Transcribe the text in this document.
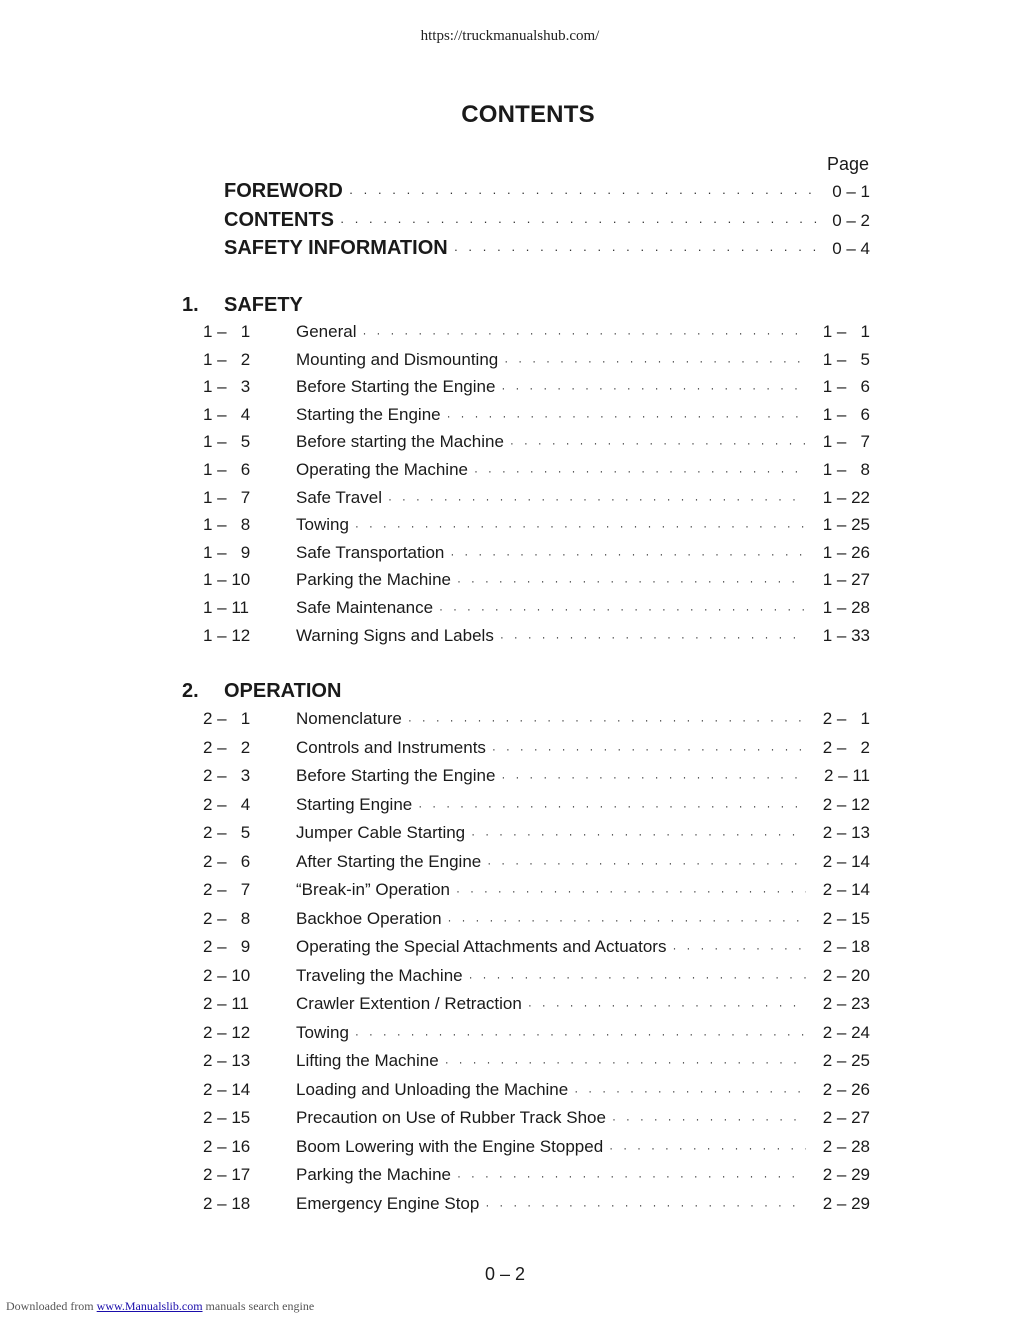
https://truckmanualshub.com/
CONTENTS
Page
FOREWORD · · ·	0 – 1
CONTENTS · · ·	0 – 2
SAFETY INFORMATION · · ·	0 – 4
1. SAFETY
1 –   1	General · · ·	1 –   1
1 –   2	Mounting and Dismounting · · ·	1 –   5
1 –   3	Before Starting the Engine · · ·	1 –   6
1 –   4	Starting the Engine · · ·	1 –   6
1 –   5	Before starting the Machine · · ·	1 –   7
1 –   6	Operating the Machine · · ·	1 –   8
1 –   7	Safe Travel · · ·	1 – 22
1 –   8	Towing · · ·	1 – 25
1 –   9	Safe Transportation · · ·	1 – 26
1 – 10	Parking the Machine · · ·	1 – 27
1 – 11	Safe Maintenance · · ·	1 – 28
1 – 12	Warning Signs and Labels · · ·	1 – 33
2. OPERATION
2 –   1	Nomenclature · · ·	2 –   1
2 –   2	Controls and Instruments · · ·	2 –   2
2 –   3	Before Starting the Engine · · ·	2 – 11
2 –   4	Starting Engine · · ·	2 – 12
2 –   5	Jumper Cable Starting · · ·	2 – 13
2 –   6	After Starting the Engine · · ·	2 – 14
2 –   7	“Break-in” Operation · · ·	2 – 14
2 –   8	Backhoe Operation · · ·	2 – 15
2 –   9	Operating the Special Attachments and Actuators · · ·	2 – 18
2 – 10	Traveling the Machine · · ·	2 – 20
2 – 11	Crawler Extention / Retraction · · ·	2 – 23
2 – 12	Towing · · ·	2 – 24
2 – 13	Lifting the Machine · · ·	2 – 25
2 – 14	Loading and Unloading the Machine · · ·	2 – 26
2 – 15	Precaution on Use of Rubber Track Shoe · · ·	2 – 27
2 – 16	Boom Lowering with the Engine Stopped · · ·	2 – 28
2 – 17	Parking the Machine · · ·	2 – 29
2 – 18	Emergency Engine Stop · · ·	2 – 29
0 – 2
Downloaded from www.Manualslib.com manuals search engine
